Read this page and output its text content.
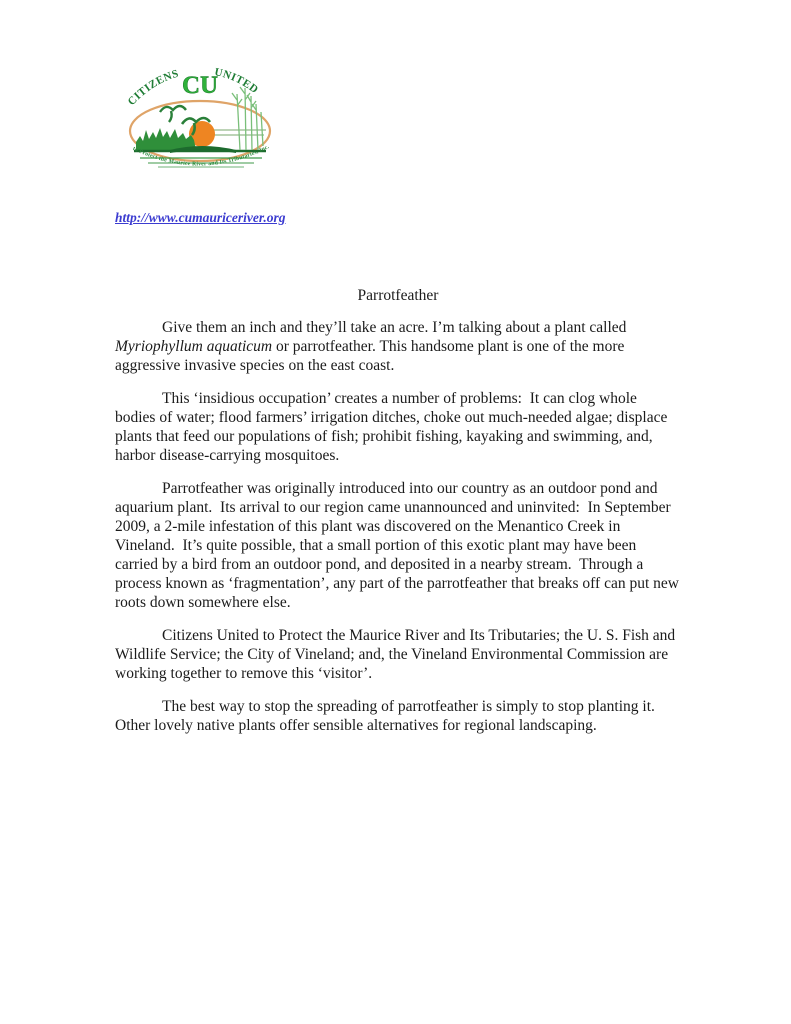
CITIZENS CU
UNITED
to Protect the Maurice River and Its Tributaries, Inc.
http://www.cumauriceriver.org
Parrotfeather

Give them an inch and they’ll take an acre. I’m talking about a plant called Myriophyllum aquaticum or parrotfeather. This handsome plant is one of the more aggressive invasive species on the east coast.

This ‘insidious occupation’ creates a number of problems:  It can clog whole bodies of water; flood farmers’ irrigation ditches, choke out much-needed algae; displace plants that feed our populations of fish; prohibit fishing, kayaking and swimming, and, harbor disease-carrying mosquitoes.

Parrotfeather was originally introduced into our country as an outdoor pond and aquarium plant.  Its arrival to our region came unannounced and uninvited:  In September 2009, a 2-mile infestation of this plant was discovered on the Menantico Creek in Vineland.  It’s quite possible, that a small portion of this exotic plant may have been carried by a bird from an outdoor pond, and deposited in a nearby stream.  Through a process known as ‘fragmentation’, any part of the parrotfeather that breaks off can put new roots down somewhere else.

Citizens United to Protect the Maurice River and Its Tributaries; the U. S. Fish and Wildlife Service; the City of Vineland; and, the Vineland Environmental Commission are working together to remove this ‘visitor’.

The best way to stop the spreading of parrotfeather is simply to stop planting it. Other lovely native plants offer sensible alternatives for regional landscaping.
